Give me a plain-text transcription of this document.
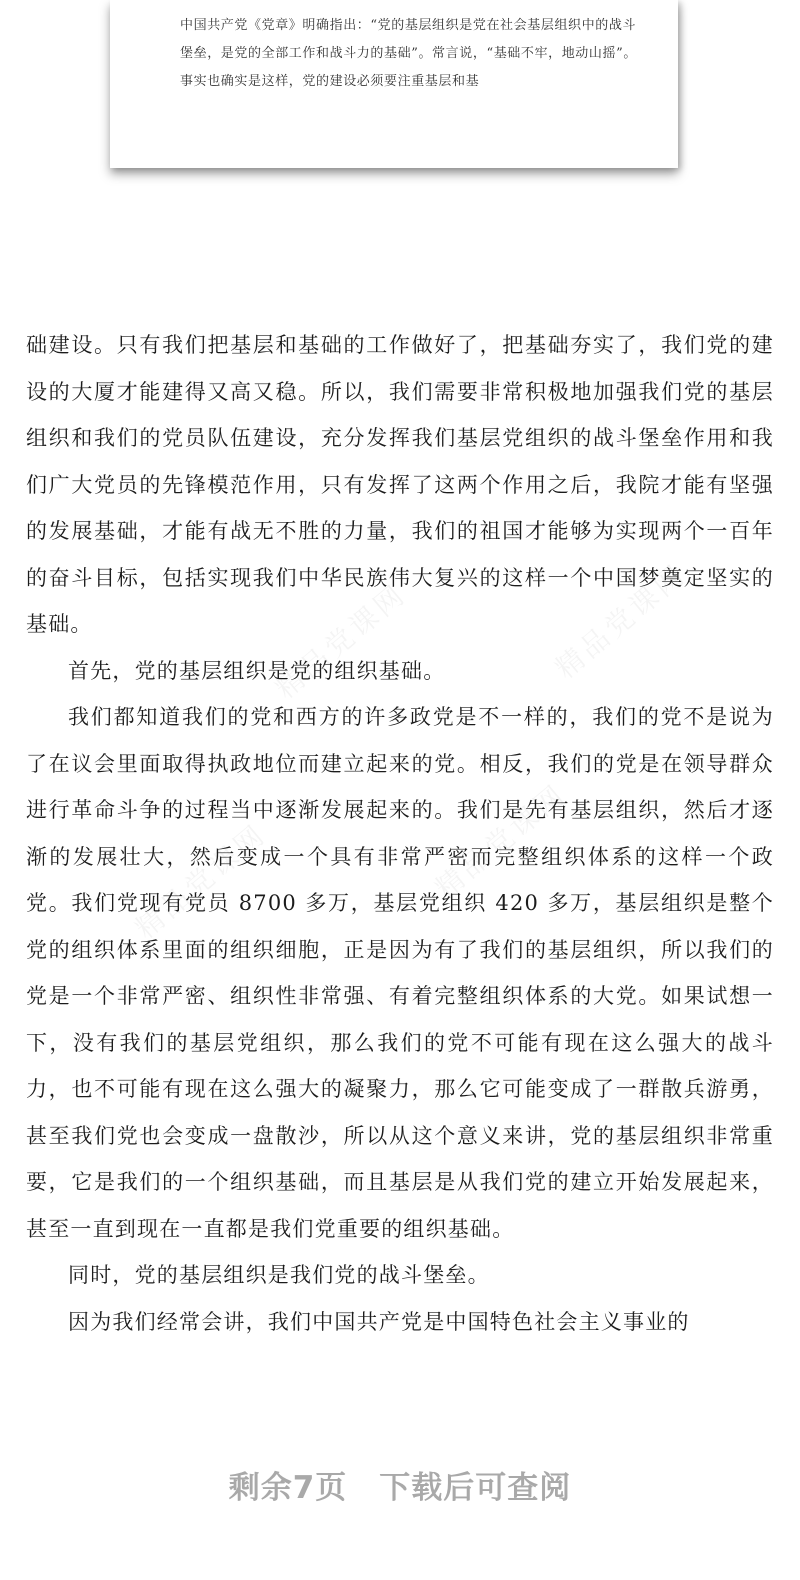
中国共产党《党章》明确指出：“党的基层组织是党在社会基层组织中的战斗堡垒，是党的全部工作和战斗力的基础”。常言说，“基础不牢，地动山摇”。事实也确实是这样，党的建设必须要注重基层和基

础建设。只有我们把基层和基础的工作做好了，把基础夯实了，我们党的建设的大厦才能建得又高又稳。所以，我们需要非常积极地加强我们党的基层组织和我们的党员队伍建设，充分发挥我们基层党组织的战斗堡垒作用和我们广大党员的先锋模范作用，只有发挥了这两个作用之后，我院才能有坚强的发展基础，才能有战无不胜的力量，我们的祖国才能够为实现两个一百年的奋斗目标，包括实现我们中华民族伟大复兴的这样一个中国梦奠定坚实的基础。

首先，党的基层组织是党的组织基础。

我们都知道我们的党和西方的许多政党是不一样的，我们的党不是说为了在议会里面取得执政地位而建立起来的党。相反，我们的党是在领导群众进行革命斗争的过程当中逐渐发展起来的。我们是先有基层组织，然后才逐渐的发展壮大，然后变成一个具有非常严密而完整组织体系的这样一个政党。我们党现有党员 8700 多万，基层党组织 420 多万，基层组织是整个党的组织体系里面的组织细胞，正是因为有了我们的基层组织，所以我们的党是一个非常严密、组织性非常强、有着完整组织体系的大党。如果试想一下，没有我们的基层党组织，那么我们的党不可能有现在这么强大的战斗力，也不可能有现在这么强大的凝聚力，那么它可能变成了一群散兵游勇，甚至我们党也会变成一盘散沙，所以从这个意义来讲，党的基层组织非常重要，它是我们的一个组织基础，而且基层是从我们党的建立开始发展起来，甚至一直到现在一直都是我们党重要的组织基础。

同时，党的基层组织是我们党的战斗堡垒。

因为我们经常会讲，我们中国共产党是中国特色社会主义事业的

剩余7页 下载后可查阅
